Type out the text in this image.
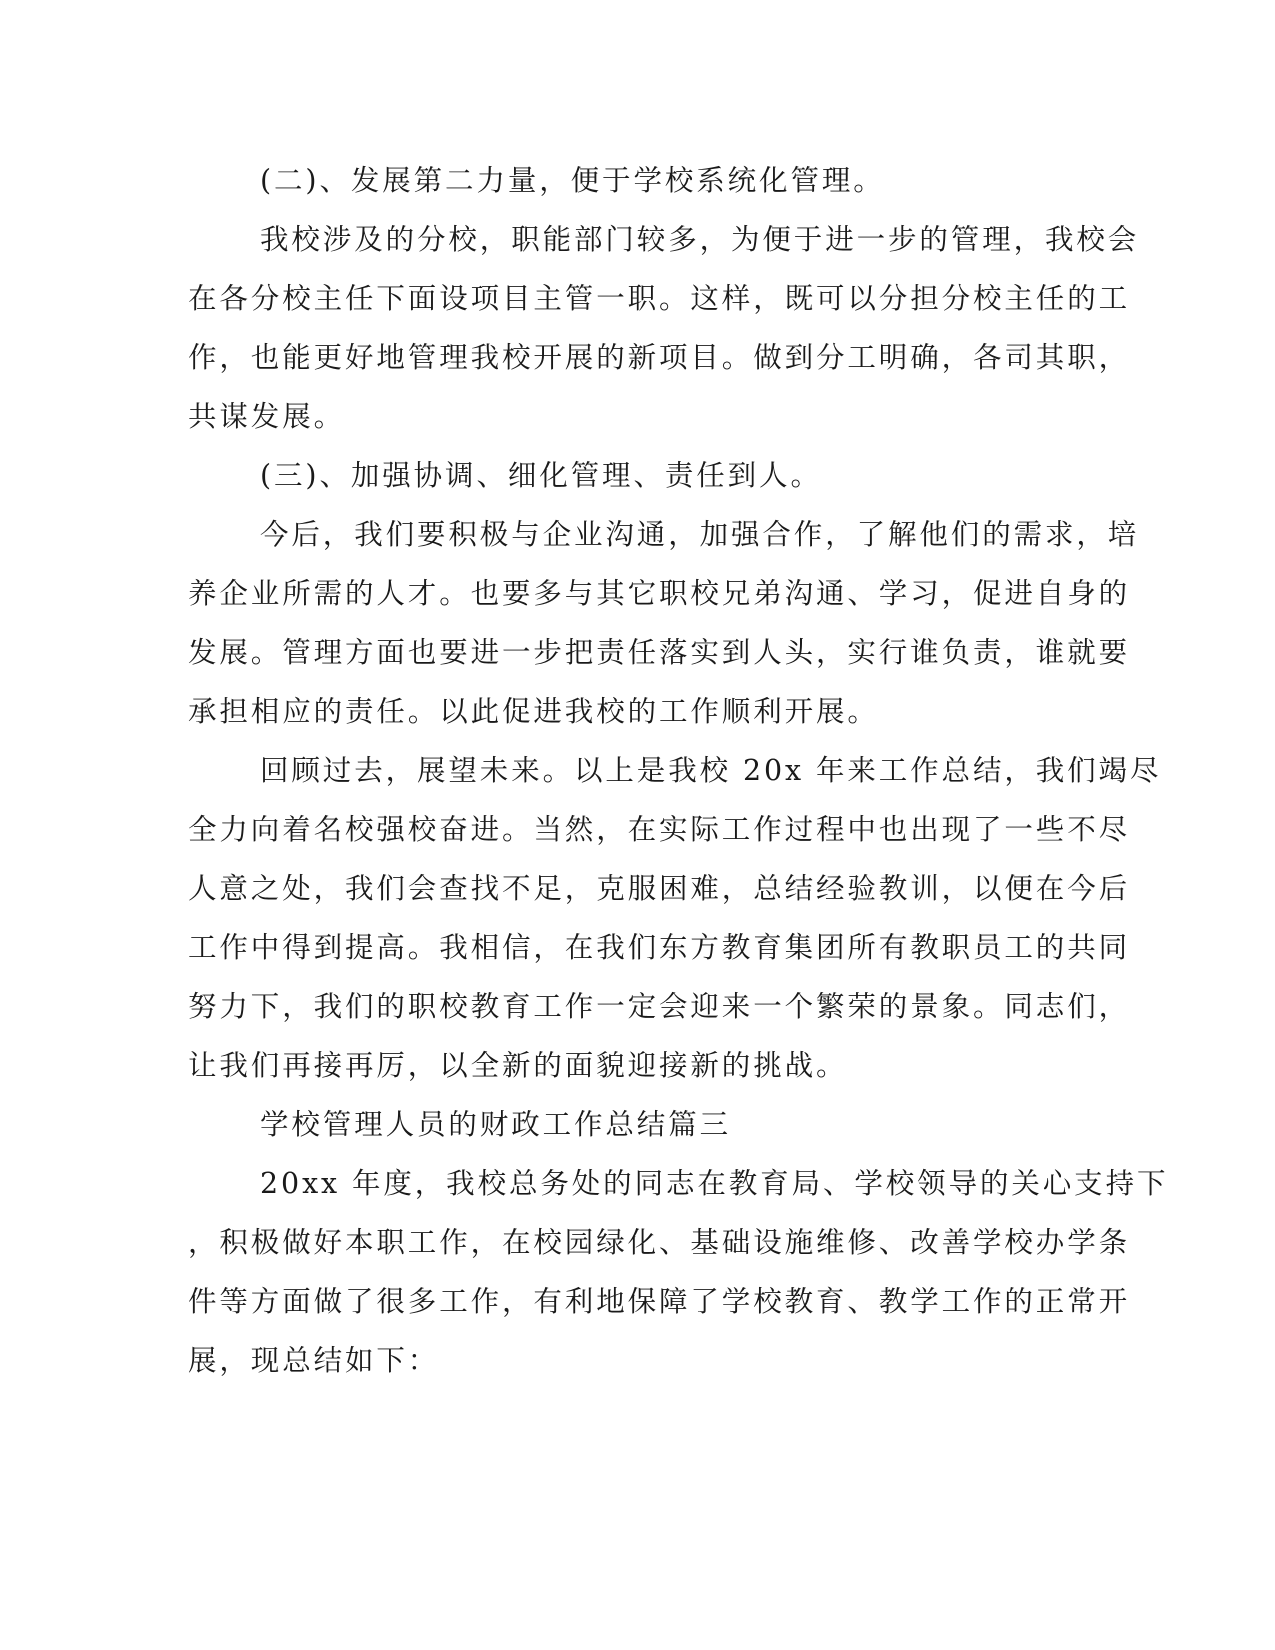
(二)、发展第二力量，便于学校系统化管理。

我校涉及的分校，职能部门较多，为便于进一步的管理，我校会

在各分校主任下面设项目主管一职。这样，既可以分担分校主任的工

作，也能更好地管理我校开展的新项目。做到分工明确，各司其职，

共谋发展。

(三)、加强协调、细化管理、责任到人。

今后，我们要积极与企业沟通，加强合作，了解他们的需求，培

养企业所需的人才。也要多与其它职校兄弟沟通、学习，促进自身的

发展。管理方面也要进一步把责任落实到人头，实行谁负责，谁就要

承担相应的责任。以此促进我校的工作顺利开展。

回顾过去，展望未来。以上是我校 20x 年来工作总结，我们竭尽

全力向着名校强校奋进。当然，在实际工作过程中也出现了一些不尽

人意之处，我们会查找不足，克服困难，总结经验教训，以便在今后

工作中得到提高。我相信，在我们东方教育集团所有教职员工的共同

努力下，我们的职校教育工作一定会迎来一个繁荣的景象。同志们，

让我们再接再厉，以全新的面貌迎接新的挑战。

学校管理人员的财政工作总结篇三

20xx 年度，我校总务处的同志在教育局、学校领导的关心支持下

，积极做好本职工作，在校园绿化、基础设施维修、改善学校办学条

件等方面做了很多工作，有利地保障了学校教育、教学工作的正常开

展，现总结如下：
